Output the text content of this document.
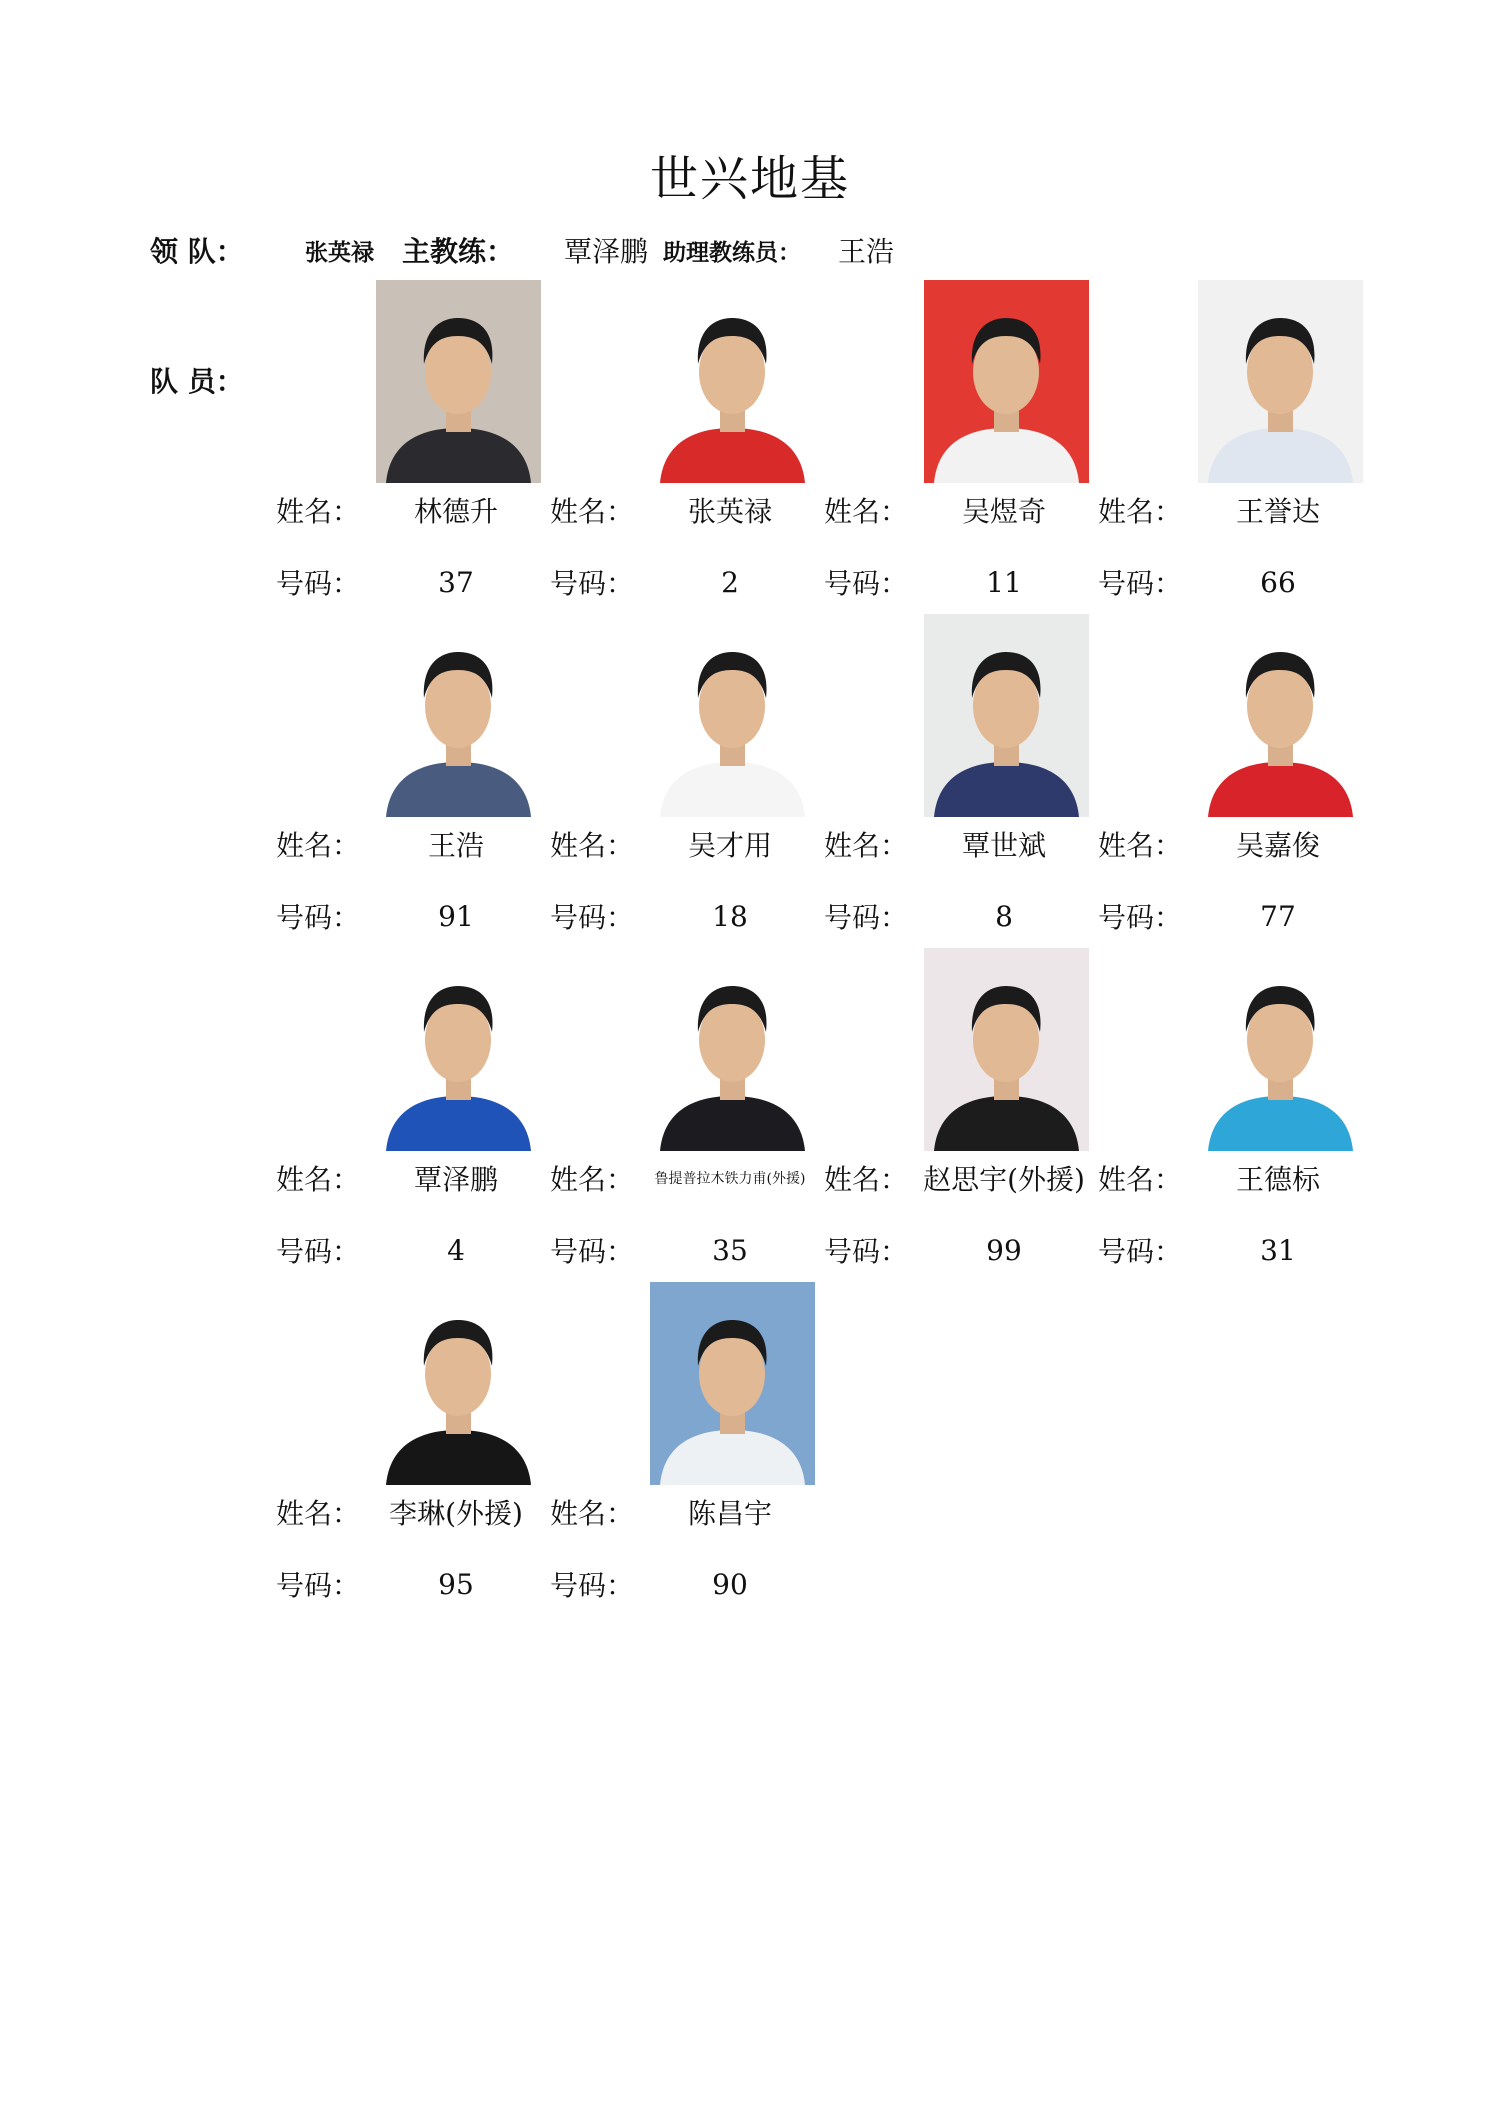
世兴地基
领 队：	张英禄	主教练：	覃泽鹏 助理教练员：	王浩
队 员：
姓名：	林德升
号码：	37
姓名：	张英禄
号码：	2
姓名：	吴煜奇
号码：	11
姓名：	王誉达
号码：	66
姓名：	王浩
号码：	91
姓名：	吴才用
号码：	18
姓名：	覃世斌
号码：	8
姓名：	吴嘉俊
号码：	77
姓名：	覃泽鹏
号码：	4
姓名：	鲁提普拉木铁力甫(外援)
号码：	35
姓名： 赵思宇(外援)
号码：	99
姓名：	王德标
号码：	31
姓名：	李琳(外援)
号码：	95
姓名：	陈昌宇
号码：	90
